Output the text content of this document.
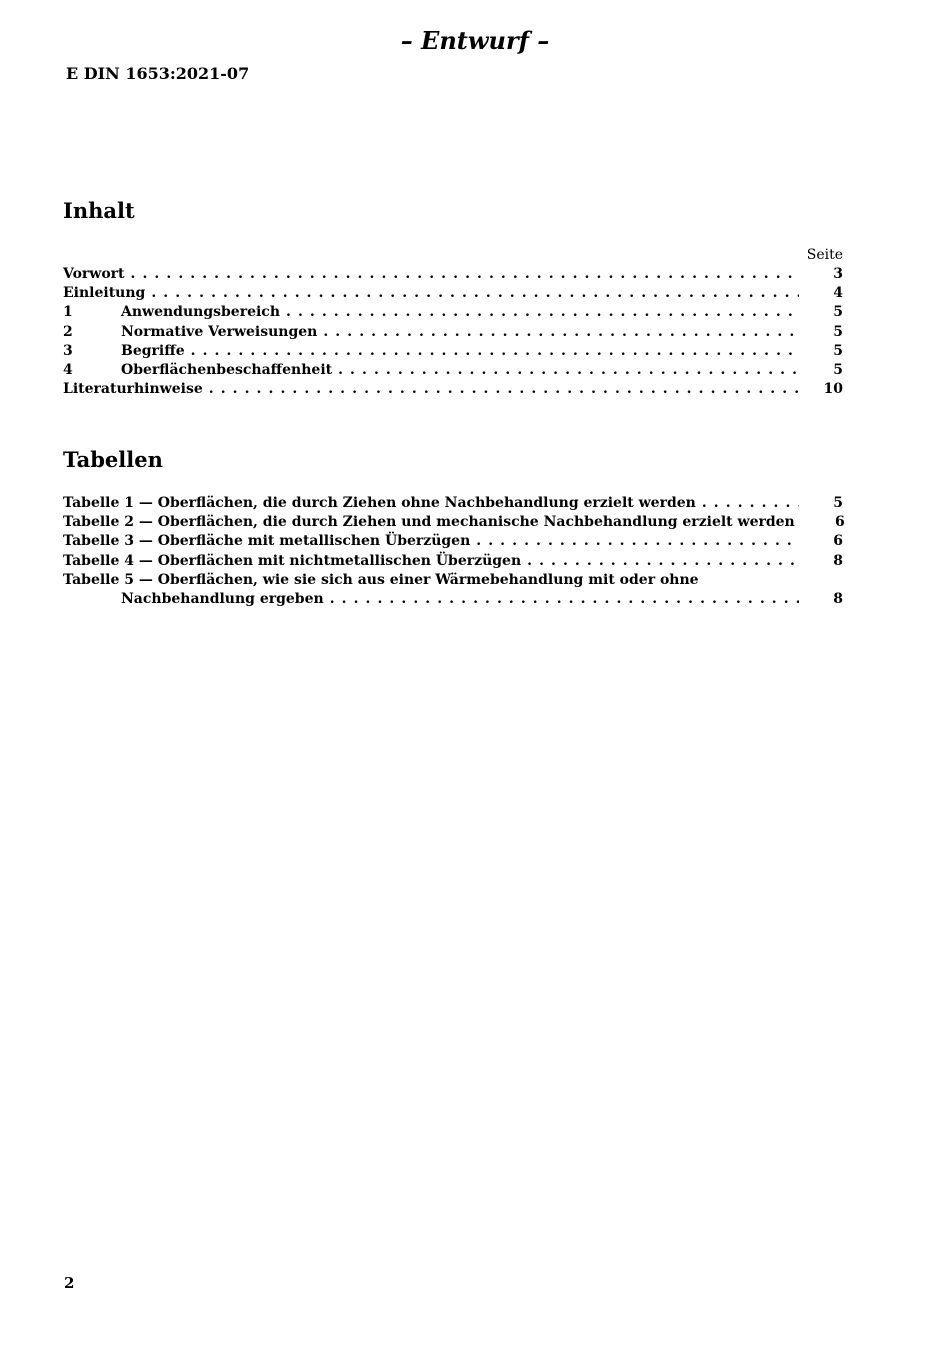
– Entwurf –
E DIN 1653:2021-07
Inhalt
Seite
Vorwort . . .	3
Einleitung . . .	4
1	Anwendungsbereich . . .	5
2	Normative Verweisungen . . .	5
3	Begriffe . . .	5
4	Oberflächenbeschaffenheit . . .	5
Literaturhinweise . . .	10
Tabellen
Tabelle 1 — Oberflächen, die durch Ziehen ohne Nachbehandlung erzielt werden . . .	5
Tabelle 2 — Oberflächen, die durch Ziehen und mechanische Nachbehandlung erzielt werden	6
Tabelle 3 — Oberfläche mit metallischen Überzügen . . .	6
Tabelle 4 — Oberflächen mit nichtmetallischen Überzügen . . .	8
Tabelle 5 — Oberflächen, wie sie sich aus einer Wärmebehandlung mit oder ohne
Nachbehandlung ergeben . . .	8
2
